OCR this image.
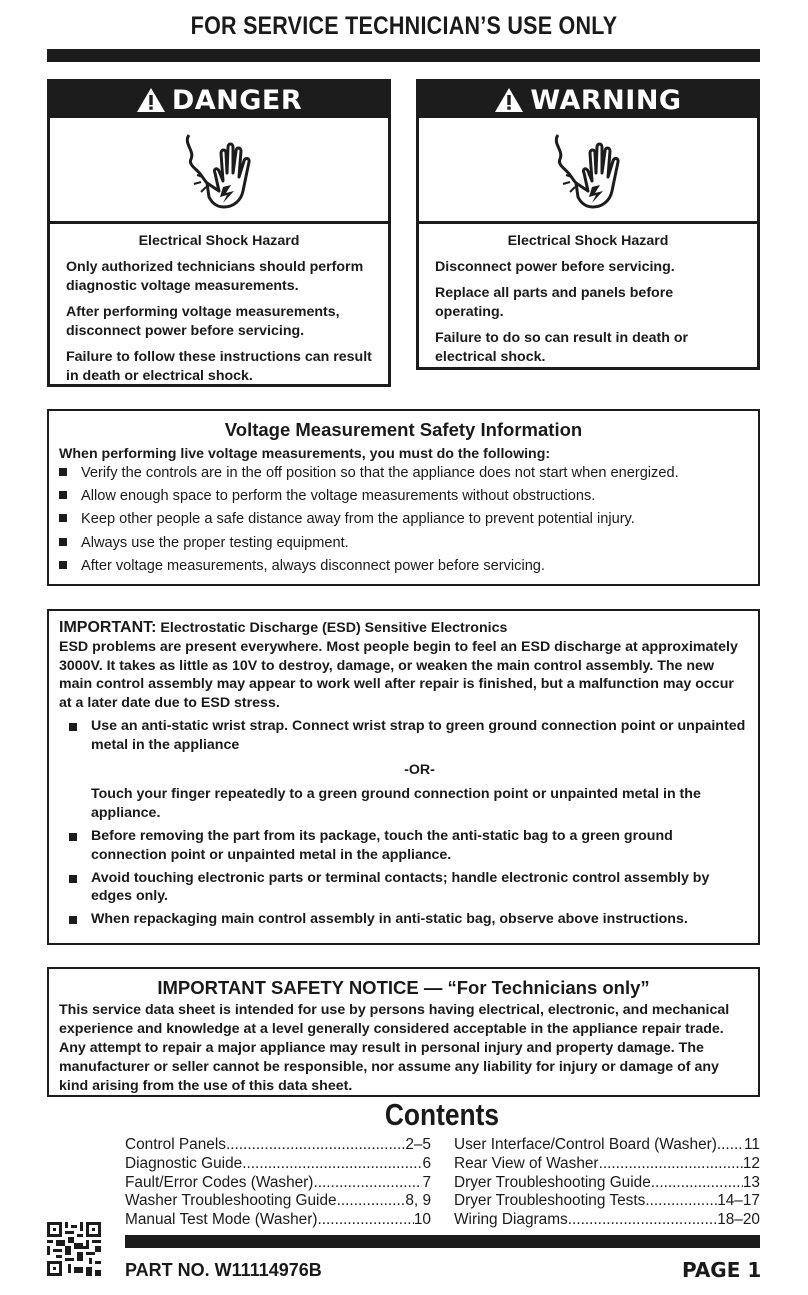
FOR SERVICE TECHNICIAN’S USE ONLY
DANGER
Electrical Shock Hazard

Only authorized technicians should perform diagnostic voltage measurements.

After performing voltage measurements, disconnect power before servicing.

Failure to follow these instructions can result in death or electrical shock.

WARNING
Electrical Shock Hazard

Disconnect power before servicing.

Replace all parts and panels before operating.

Failure to do so can result in death or electrical shock.

Voltage Measurement Safety Information
When performing live voltage measurements, you must do the following:
Verify the controls are in the off position so that the appliance does not start when energized.
Allow enough space to perform the voltage measurements without obstructions.
Keep other people a safe distance away from the appliance to prevent potential injury.
Always use the proper testing equipment.
After voltage measurements, always disconnect power before servicing.
IMPORTANT: Electrostatic Discharge (ESD) Sensitive Electronics
ESD problems are present everywhere. Most people begin to feel an ESD discharge at approximately 3000V. It takes as little as 10V to destroy, damage, or weaken the main control assembly. The new main control assembly may appear to work well after repair is finished, but a malfunction may occur at a later date due to ESD stress.
Use an anti-static wrist strap. Connect wrist strap to green ground connection point or unpainted metal in the appliance
-OR-
Touch your finger repeatedly to a green ground connection point or unpainted metal in the appliance.
Before removing the part from its package, touch the anti-static bag to a green ground connection point or unpainted metal in the appliance.
Avoid touching electronic parts or terminal contacts; handle electronic control assembly by edges only.
When repackaging main control assembly in anti-static bag, observe above instructions.
IMPORTANT SAFETY NOTICE — “For Technicians only”
This service data sheet is intended for use by persons having electrical, electronic, and mechanical experience and knowledge at a level generally considered acceptable in the appliance repair trade. Any attempt to repair a major appliance may result in personal injury and property damage. The manufacturer or seller cannot be responsible, nor assume any liability for injury or damage of any kind arising from the use of this data sheet.
Contents
Control Panels .....	2–5
Diagnostic Guide .....	6
Fault/Error Codes (Washer) .....	7
Washer Troubleshooting Guide .....	8, 9
Manual Test Mode (Washer) .....	10
User Interface/Control Board (Washer) ..... 11
Rear View of Washer .....	12
Dryer Troubleshooting Guide .....	13
Dryer Troubleshooting Tests .....	14–17
Wiring Diagrams .....	18–20
PART NO. W11114976B	PAGE 1
